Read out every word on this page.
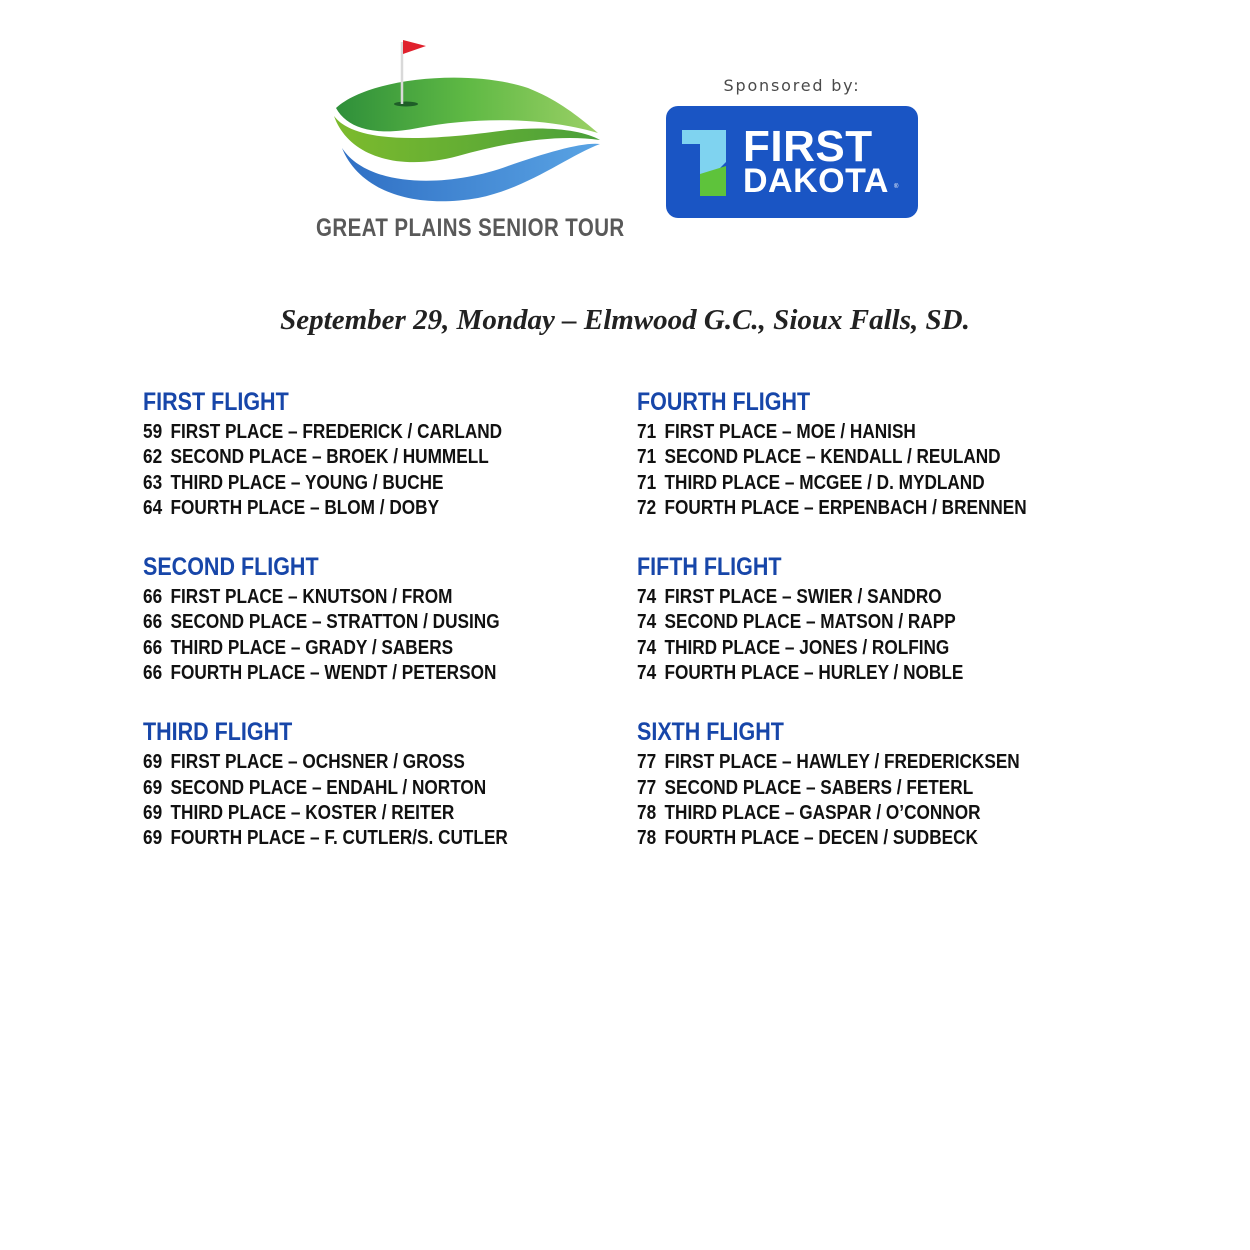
GREAT PLAINS SENIOR TOUR
Sponsored by:
FIRST
DAKOTA ®
September 29, Monday – Elmwood G.C., Sioux Falls, SD.
FIRST FLIGHT
59 FIRST PLACE – FREDERICK / CARLAND
62 SECOND PLACE – BROEK / HUMMELL
63 THIRD PLACE – YOUNG / BUCHE
64 FOURTH PLACE – BLOM / DOBY
SECOND FLIGHT
66 FIRST PLACE – KNUTSON / FROM
66 SECOND PLACE – STRATTON / DUSING
66 THIRD PLACE – GRADY / SABERS
66 FOURTH PLACE – WENDT / PETERSON
THIRD FLIGHT
69 FIRST PLACE – OCHSNER / GROSS
69 SECOND PLACE – ENDAHL / NORTON
69 THIRD PLACE – KOSTER / REITER
69 FOURTH PLACE – F. CUTLER/S. CUTLER
FOURTH FLIGHT
71 FIRST PLACE – MOE / HANISH
71 SECOND PLACE – KENDALL / REULAND
71 THIRD PLACE – MCGEE / D. MYDLAND
72 FOURTH PLACE – ERPENBACH / BRENNEN
FIFTH FLIGHT
74 FIRST PLACE – SWIER / SANDRO
74 SECOND PLACE – MATSON / RAPP
74 THIRD PLACE – JONES / ROLFING
74 FOURTH PLACE – HURLEY / NOBLE
SIXTH FLIGHT
77 FIRST PLACE – HAWLEY / FREDERICKSEN
77 SECOND PLACE – SABERS / FETERL
78 THIRD PLACE – GASPAR / O’CONNOR
78 FOURTH PLACE – DECEN / SUDBECK
